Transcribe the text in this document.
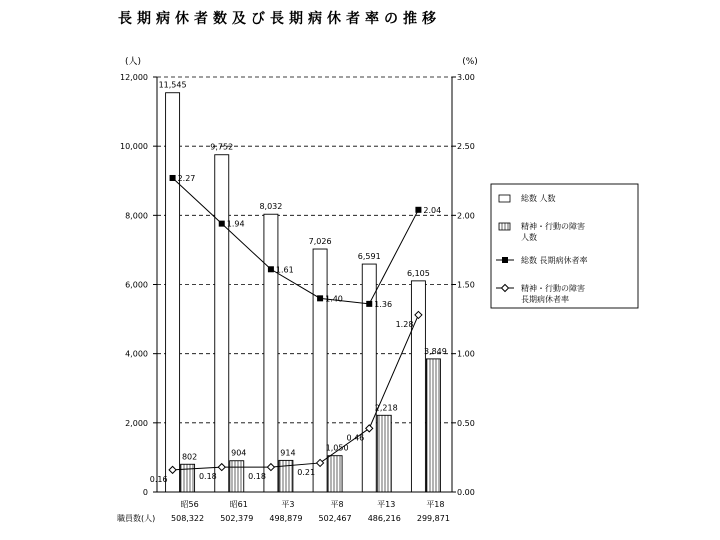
長期病休者数及び長期病休者率の推移
0
2,000
4,000
6,000
8,000
10,000
12,000
0.00
0.50
1.00
1.50
2.00
2.50
3.00
(人)	(%)
昭56
508,322
昭61
502,379
平3
498,879
平8
502,467
平13
486,216
平18
299,871
職員数(人)
11,545
802
9,752
904
8,032
914
7,026
1,050
6,591
2,218
6,105
3,849
2.27
1.94
1.61
1.40
1.36
2.04
0.16	0.18	0.18	0.21
0.46
1.28
総数 人数
精神・行動の障害
人数
総数 長期病休者率
精神・行動の障害
長期病休者率
